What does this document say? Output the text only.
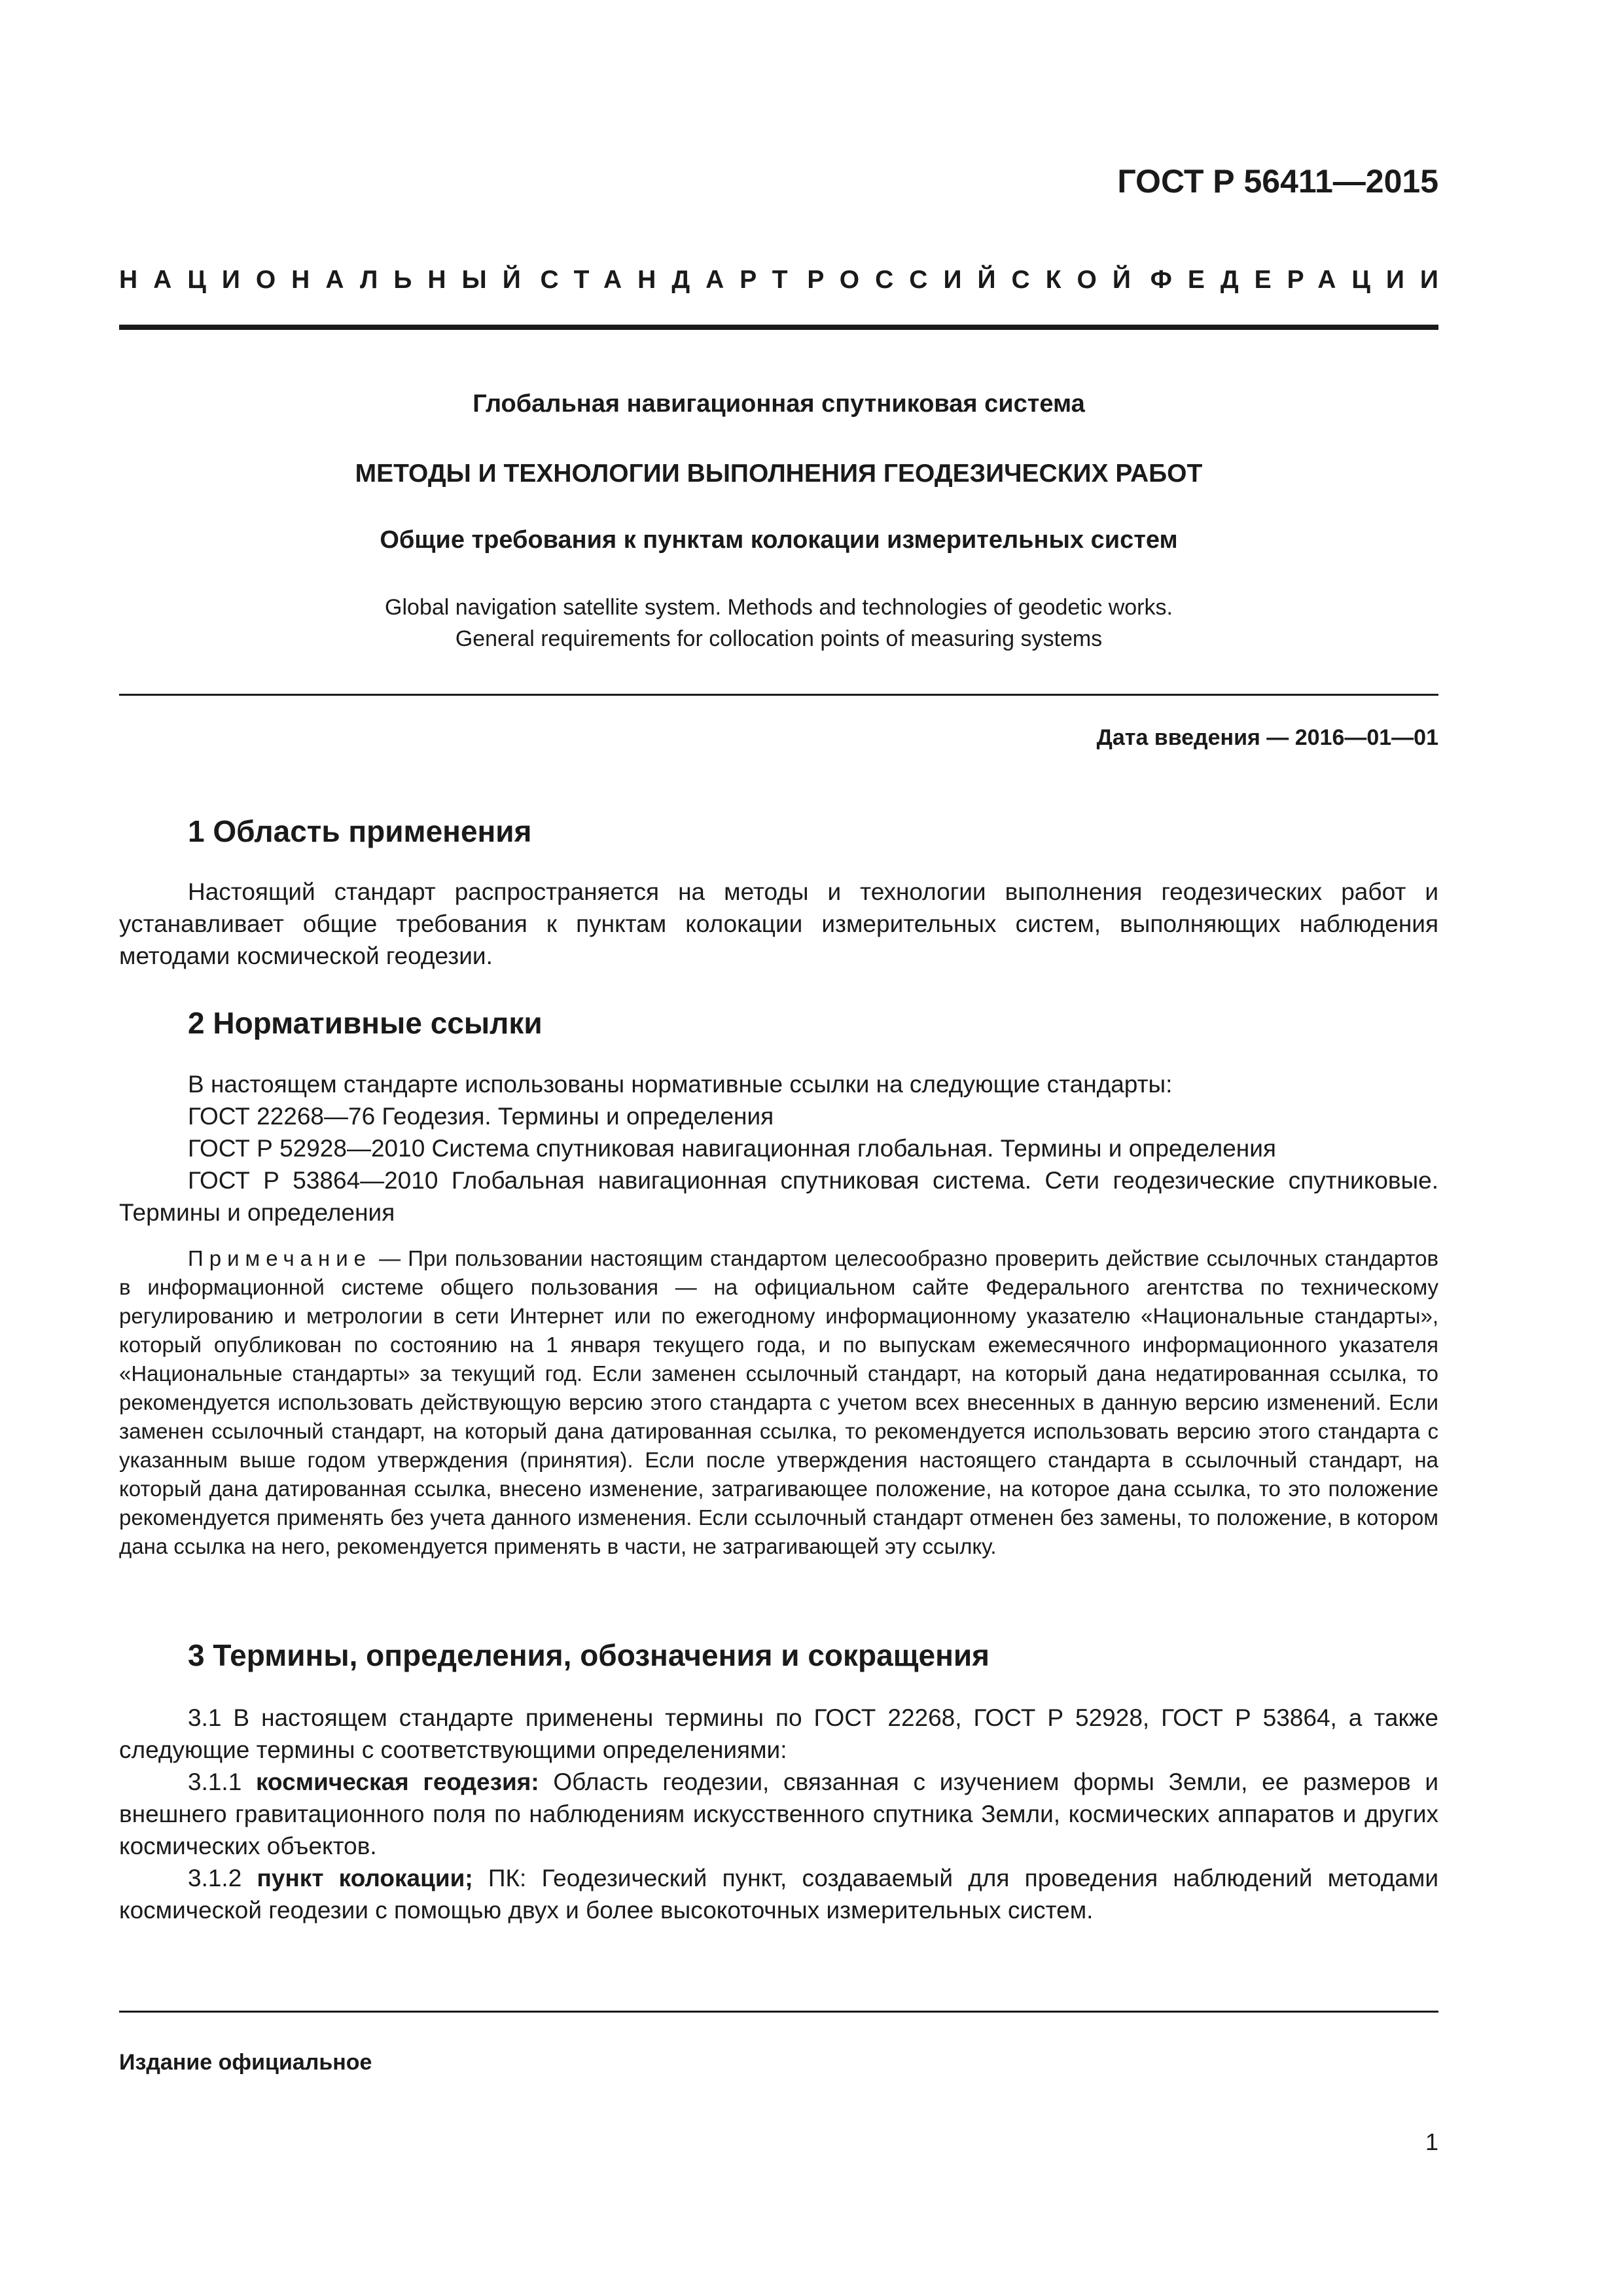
ГОСТ Р 56411—2015
НАЦИОНАЛЬНЫЙ СТАНДАРТ РОССИЙСКОЙ ФЕДЕРАЦИИ
Глобальная навигационная спутниковая система
МЕТОДЫ И ТЕХНОЛОГИИ ВЫПОЛНЕНИЯ ГЕОДЕЗИЧЕСКИХ РАБОТ
Общие требования к пунктам колокации измерительных систем
Global navigation satellite system. Methods and technologies of geodetic works.
General requirements for collocation points of measuring systems
Дата введения — 2016—01—01
1 Область применения
Настоящий стандарт распространяется на методы и технологии выполнения геодезических работ и устанавливает общие требования к пунктам колокации измерительных систем, выполняющих наблюдения методами космической геодезии.
2 Нормативные ссылки
В настоящем стандарте использованы нормативные ссылки на следующие стандарты:
ГОСТ 22268—76 Геодезия. Термины и определения
ГОСТ Р 52928—2010 Система спутниковая навигационная глобальная. Термины и определения
ГОСТ Р 53864—2010 Глобальная навигационная спутниковая система. Сети геодезические спутниковые. Термины и определения
Примечание — При пользовании настоящим стандартом целесообразно проверить действие ссылочных стандартов в информационной системе общего пользования — на официальном сайте Федерального агентства по техническому регулированию и метрологии в сети Интернет или по ежегодному информационному указателю «Национальные стандарты», который опубликован по состоянию на 1 января текущего года, и по выпускам ежемесячного информационного указателя «Национальные стандарты» за текущий год. Если заменен ссылочный стандарт, на который дана недатированная ссылка, то рекомендуется использовать действующую версию этого стандарта с учетом всех внесенных в данную версию изменений. Если заменен ссылочный стандарт, на который дана датированная ссылка, то рекомендуется использовать версию этого стандарта с указанным выше годом утверждения (принятия). Если после утверждения настоящего стандарта в ссылочный стандарт, на который дана датированная ссылка, внесено изменение, затрагивающее положение, на которое дана ссылка, то это положение рекомендуется применять без учета данного изменения. Если ссылочный стандарт отменен без замены, то положение, в котором дана ссылка на него, рекомендуется применять в части, не затрагивающей эту ссылку.
3 Термины, определения, обозначения и сокращения
3.1 В настоящем стандарте применены термины по ГОСТ 22268, ГОСТ Р 52928, ГОСТ Р 53864, а также следующие термины с соответствующими определениями:
3.1.1 космическая геодезия: Область геодезии, связанная с изучением формы Земли, ее размеров и внешнего гравитационного поля по наблюдениям искусственного спутника Земли, космических аппаратов и других космических объектов.
3.1.2 пункт колокации; ПК: Геодезический пункт, создаваемый для проведения наблюдений методами космической геодезии с помощью двух и более высокоточных измерительных систем.
Издание официальное
1
